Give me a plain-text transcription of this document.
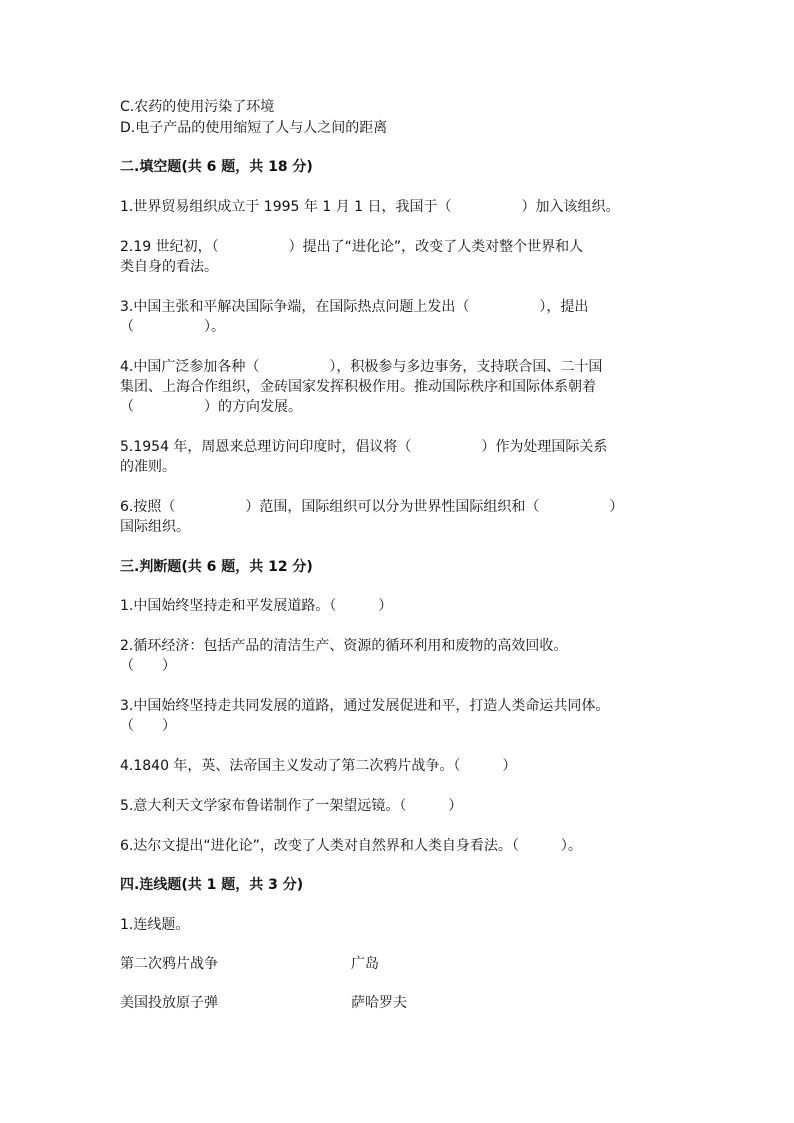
C.农药的使用污染了环境

D.电子产品的使用缩短了人与人之间的距离

二.填空题(共 6 题，共 18 分)

1.世界贸易组织成立于 1995 年 1 月 1 日，我国于（　　　　　）加入该组织。

2.19 世纪初，（　　　　　）提出了“进化论”，改变了人类对整个世界和人

类自身的看法。

3.中国主张和平解决国际争端，在国际热点问题上发出（　　　　　），提出

（　　　　　）。

4.中国广泛参加各种（　　　　　），积极参与多边事务，支持联合国、二十国

集团、上海合作组织，金砖国家发挥积极作用。推动国际秩序和国际体系朝着

（　　　　　）的方向发展。

5.1954 年，周恩来总理访问印度时，倡议将（　　　　　）作为处理国际关系

的准则。

6.按照（　　　　　）范围，国际组织可以分为世界性国际组织和（　　　　　）

国际组织。

三.判断题(共 6 题，共 12 分)

1.中国始终坚持走和平发展道路。（　　　）

2.循环经济：包括产品的清洁生产、资源的循环利用和废物的高效回收。

（　　）

3.中国始终坚持走共同发展的道路，通过发展促进和平，打造人类命运共同体。

（　　）

4.1840 年，英、法帝国主义发动了第二次鸦片战争。（　　　）

5.意大利天文学家布鲁诺制作了一架望远镜。（　　　）

6.达尔文提出“进化论”，改变了人类对自然界和人类自身看法。（　　　）。

四.连线题(共 1 题，共 3 分)

1.连线题。

第二次鸦片战争	广岛

美国投放原子弹	萨哈罗夫
